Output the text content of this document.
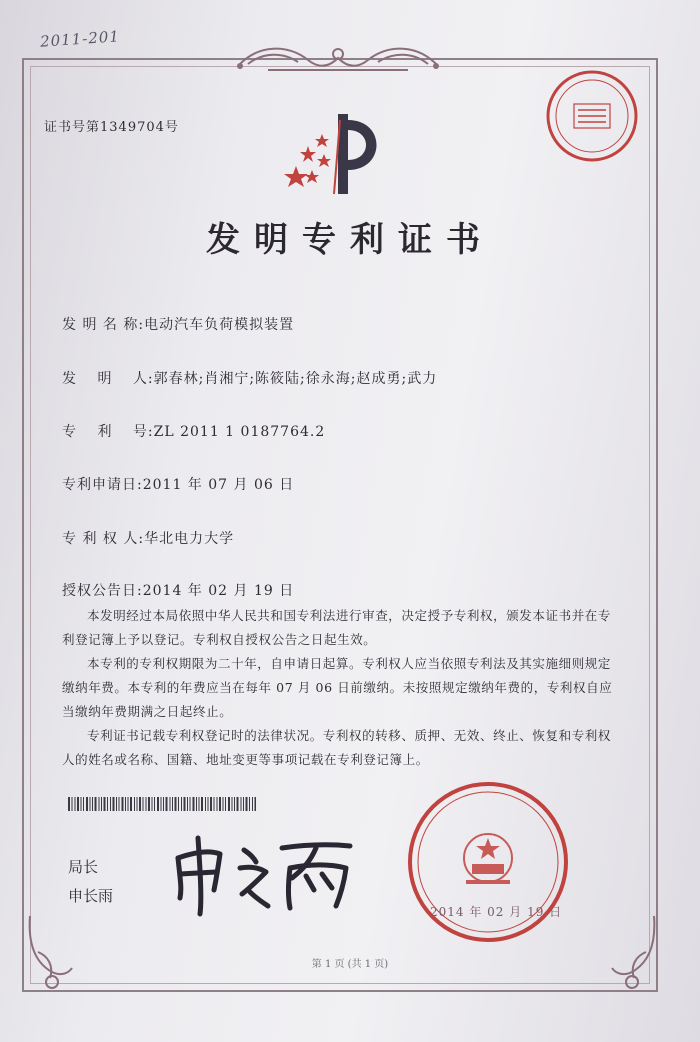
2011-201
证书号第1349704号
发明专利证书
发 明 名 称:电动汽车负荷模拟装置
发　 明　 人:郭春林;肖湘宁;陈筱陆;徐永海;赵成勇;武力
专　 利　 号:ZL 2011 1 0187764.2
专利申请日:2011 年 07 月 06 日
专 利 权 人:华北电力大学
授权公告日:2014 年 02 月 19 日

本发明经过本局依照中华人民共和国专利法进行审查，决定授予专利权，颁发本证书并在专利登记簿上予以登记。专利权自授权公告之日起生效。

本专利的专利权期限为二十年，自申请日起算。专利权人应当依照专利法及其实施细则规定缴纳年费。本专利的年费应当在每年 07 月 06 日前缴纳。未按照规定缴纳年费的，专利权自应当缴纳年费期满之日起终止。

专利证书记载专利权登记时的法律状况。专利权的转移、质押、无效、终止、恢复和专利权人的姓名或名称、国籍、地址变更等事项记载在专利登记簿上。

局长
申长雨
2014 年 02 月 19 日
第 1 页 (共 1 页)
